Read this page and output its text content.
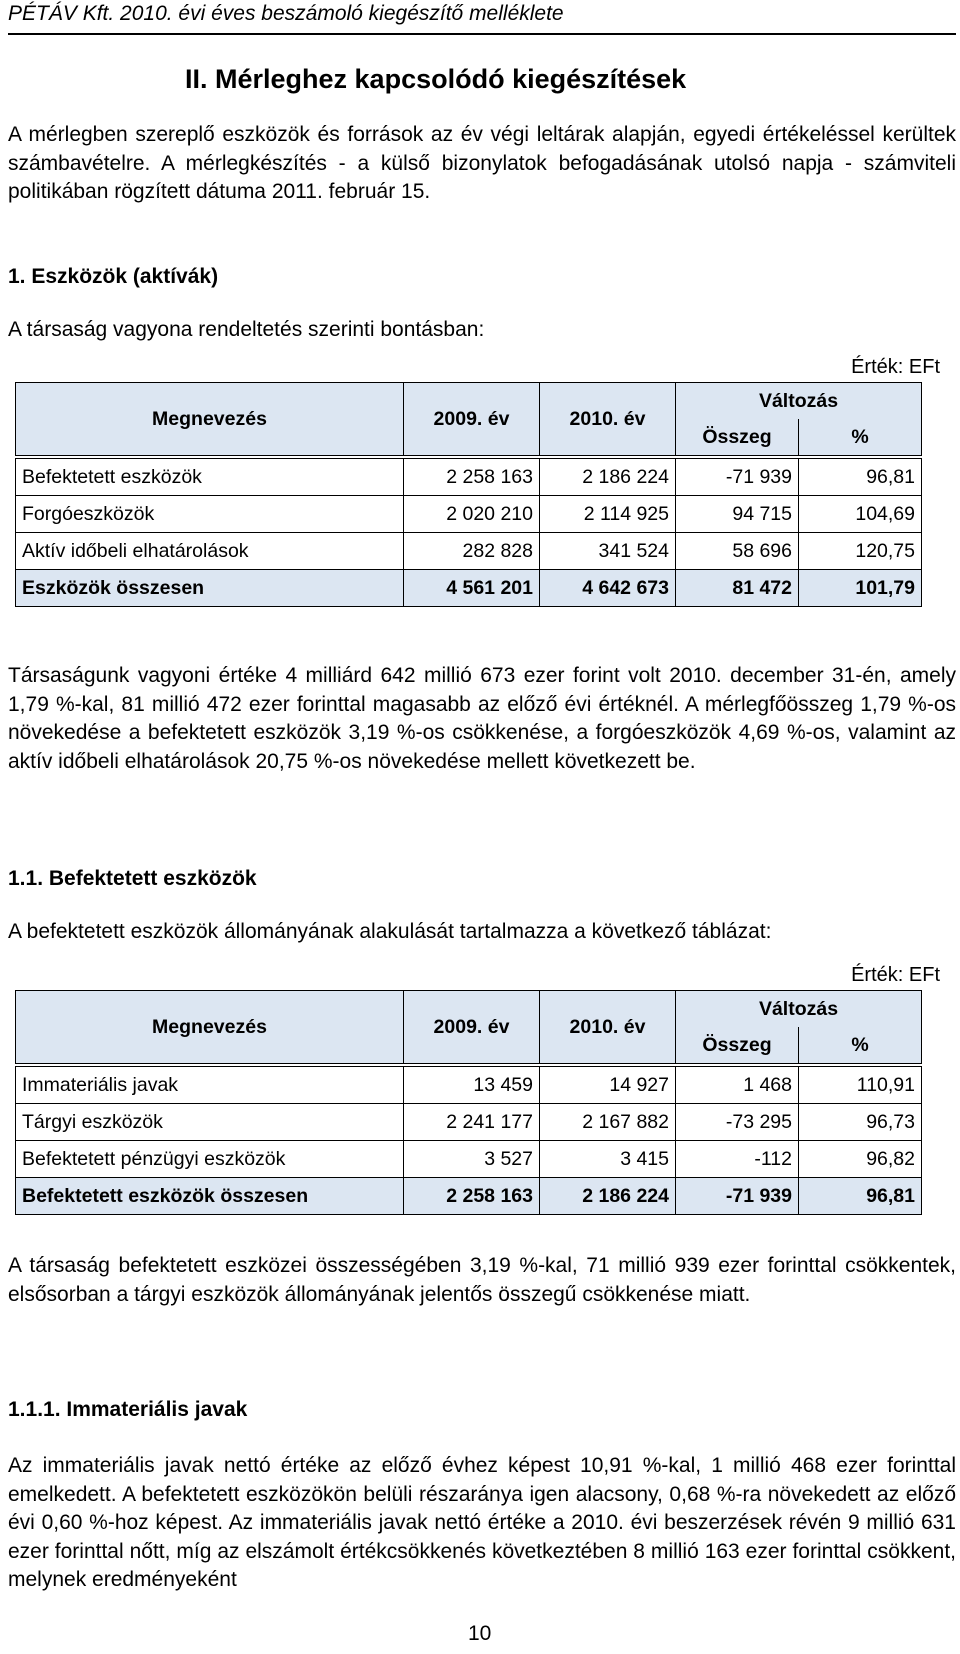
PÉTÁV Kft. 2010. évi éves beszámoló kiegészítő melléklete
II. Mérleghez kapcsolódó kiegészítések

A mérlegben szereplő eszközök és források az év végi leltárak alapján, egyedi értékeléssel kerültek számbavételre. A mérlegkészítés - a külső bizonylatok befogadásának utolsó napja - számviteli politikában rögzített dátuma 2011. február 15.

1. Eszközök (aktívák)

A társaság vagyona rendeltetés szerinti bontásban:

Érték: EFt
Megnevezés	2009. év	2010. év	Változás	
			Összeg	%

Befektetett eszközök	2 258 163	2 186 224	-71 939	96,81
Forgóeszközök	2 020 210	2 114 925	94 715	104,69
Aktív időbeli elhatárolások	282 828	341 524	58 696	120,75
Eszközök összesen	4 561 201	4 642 673	81 472	101,79

Társaságunk vagyoni értéke 4 milliárd 642 millió 673 ezer forint volt 2010. december 31-én, amely 1,79 %-kal, 81 millió 472 ezer forinttal magasabb az előző évi értéknél. A mérlegfőösszeg 1,79 %-os növekedése a befektetett eszközök 3,19 %-os csökkenése, a forgóeszközök 4,69 %-os, valamint az aktív időbeli elhatárolások 20,75 %-os növekedése mellett következett be.

1.1. Befektetett eszközök

A befektetett eszközök állományának alakulását tartalmazza a következő táblázat:

Érték: EFt
Megnevezés	2009. év	2010. év	Változás	
			Összeg	%

Immateriális javak	13 459	14 927	1 468	110,91
Tárgyi eszközök	2 241 177	2 167 882	-73 295	96,73
Befektetett pénzügyi eszközök	3 527	3 415	-112	96,82
Befektetett eszközök összesen	2 258 163	2 186 224	-71 939	96,81

A társaság befektetett eszközei összességében 3,19 %-kal, 71 millió 939 ezer forinttal csökkentek, elsősorban a tárgyi eszközök állományának jelentős összegű csökkenése miatt.

1.1.1. Immateriális javak

Az immateriális javak nettó értéke az előző évhez képest 10,91 %-kal, 1 millió 468 ezer forinttal emelkedett. A befektetett eszközökön belüli részaránya igen alacsony, 0,68 %-ra növekedett az előző évi 0,60 %-hoz képest. Az immateriális javak nettó értéke a 2010. évi beszerzések révén 9 millió 631 ezer forinttal nőtt, míg az elszámolt értékcsökkenés következtében 8 millió 163 ezer forinttal csökkent, melynek eredményeként

10
